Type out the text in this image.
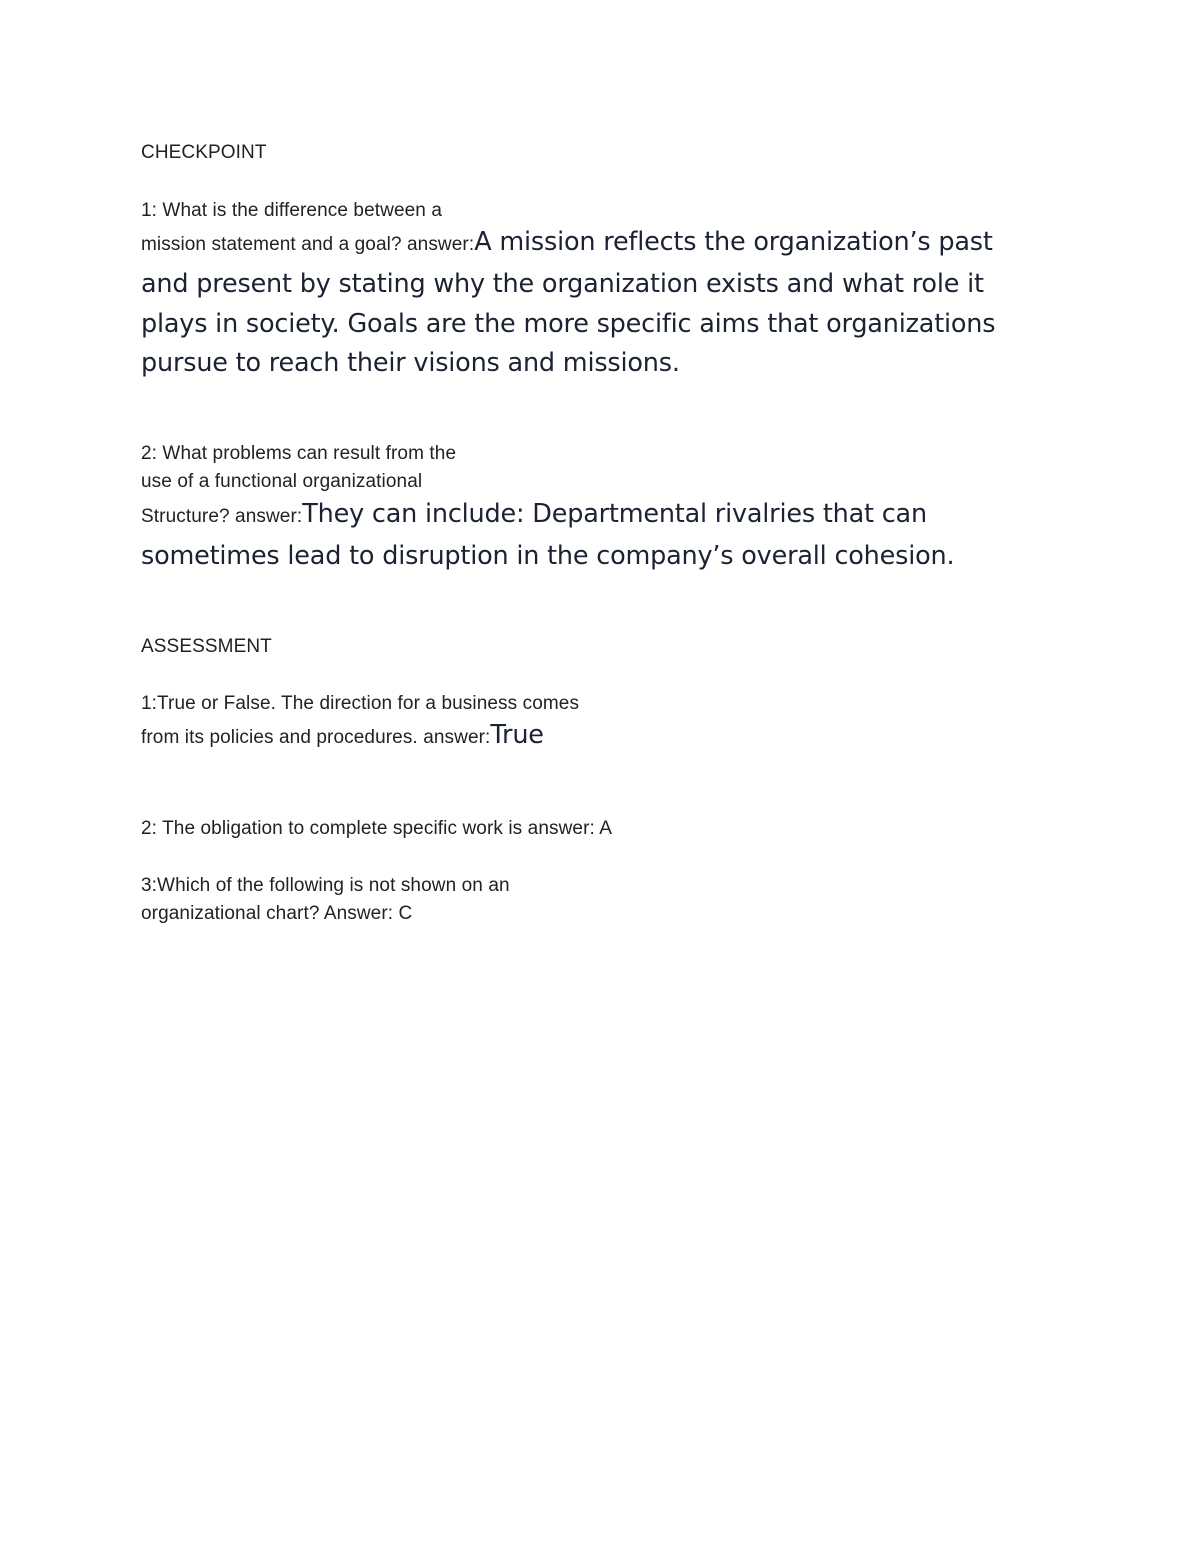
CHECKPOINT
1: What is the difference between a
mission statement and a goal? answer:A mission reflects the organization’s past
and present by stating why the organization exists and what role it
plays in society. Goals are the more specific aims that organizations
pursue to reach their visions and missions.
2: What problems can result from the
use of a functional organizational
Structure? answer:They can include: Departmental rivalries that can
sometimes lead to disruption in the company’s overall cohesion.
ASSESSMENT
1:True or False. The direction for a business comes
from its policies and procedures. answer:True
2: The obligation to complete specific work is answer: A
3:Which of the following is not shown on an
organizational chart? Answer: C
